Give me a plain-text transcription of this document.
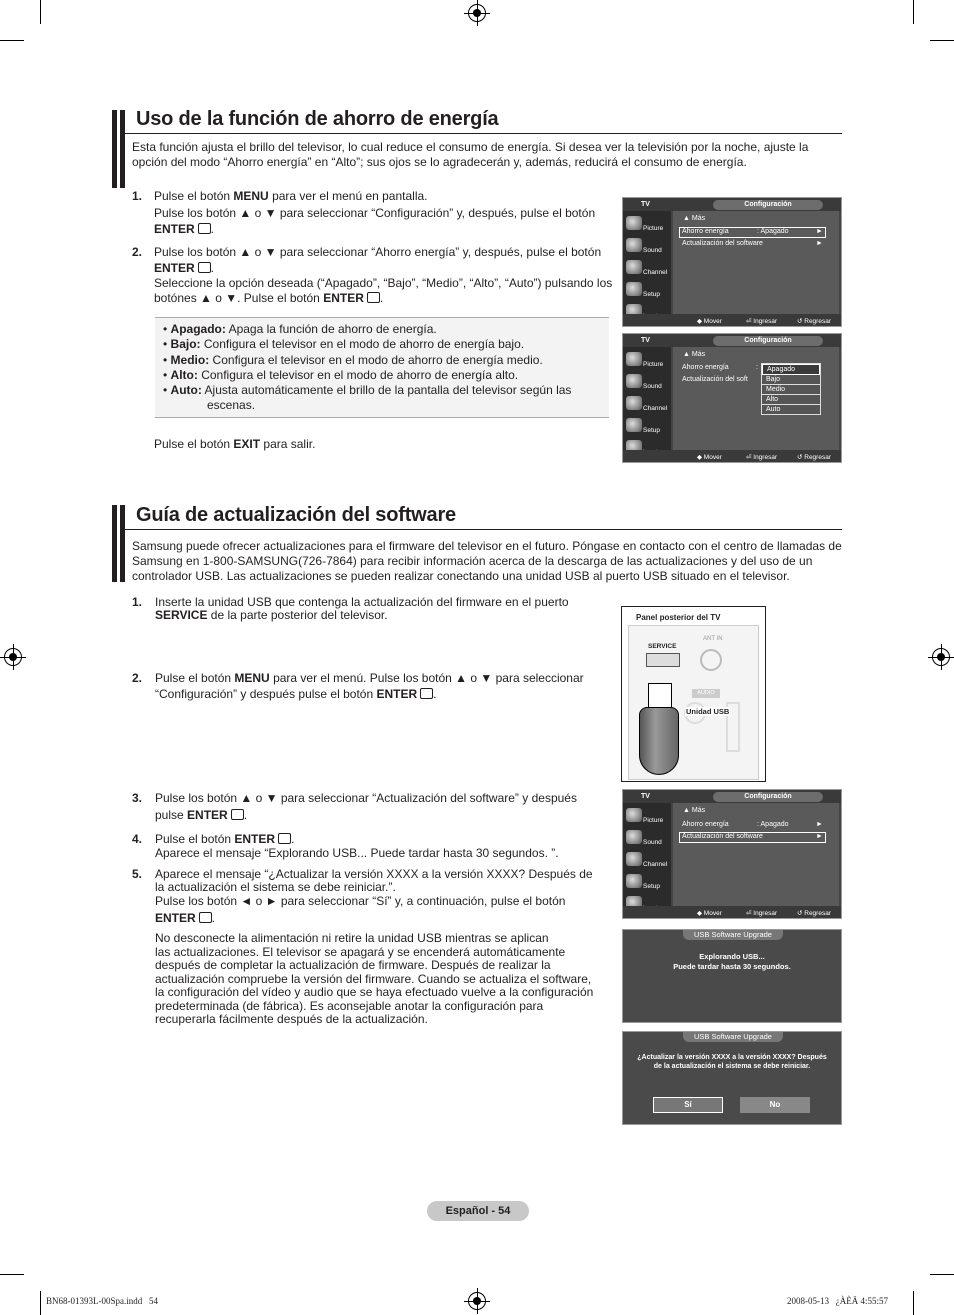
Uso de la función de ahorro de energía
Esta función ajusta el brillo del televisor, lo cual reduce el consumo de energía. Si desea ver la televisión por la noche, ajuste la opción del modo “Ahorro energía” en “Alto”; sus ojos se lo agradecerán y, además, reducirá el consumo de energía.
1. Pulse el botón MENU para ver el menú en pantalla.
Pulse los botón ▲ o ▼ para seleccionar “Configuración” y, después, pulse el botón
ENTER .
2. Pulse los botón ▲ o ▼ para seleccionar “Ahorro energía” y, después, pulse el botón
ENTER .
Seleccione la opción deseada (“Apagado”, “Bajo”, “Medio”, “Alto”, “Auto”) pulsando los
botónes ▲ o ▼. Pulse el botón ENTER .
• Apagado: Apaga la función de ahorro de energía.
• Bajo: Configura el televisor en el modo de ahorro de energía bajo.
• Medio: Configura el televisor en el modo de ahorro de energía medio.
• Alto: Configura el televisor en el modo de ahorro de energía alto.
• Auto: Ajusta automáticamente el brillo de la pantalla del televisor según las
escenas.
Pulse el botón EXIT para salir.
TV	Configuración
Picture
Sound
Channel
Setup
▲ Más
Ahorro energía	: Apagado	►
Actualización del software	►
◆ Mover	⏎ Ingresar	↺ Regresar
TV	Configuración
Picture
Sound
Channel
Setup
▲ Más
Ahorro energía	:
Actualización del soft
Apagado
Bajo
Medio
Alto
Auto
◆ Mover	⏎ Ingresar	↺ Regresar
Guía de actualización del software
Samsung puede ofrecer actualizaciones para el firmware del televisor en el futuro. Póngase en contacto con el centro de llamadas de Samsung en 1-800-SAMSUNG(726-7864) para recibir información acerca de la descarga de las actualizaciones y del uso de un controlador USB. Las actualizaciones se pueden realizar conectando una unidad USB al puerto USB situado en el televisor.
1. Inserte la unidad USB que contenga la actualización del firmware en el puerto
SERVICE de la parte posterior del televisor.
2. Pulse el botón MENU para ver el menú. Pulse los botón ▲ o ▼ para seleccionar
“Configuración” y después pulse el botón ENTER .
3. Pulse los botón ▲ o ▼ para seleccionar “Actualización del software” y después
pulse ENTER .
4. Pulse el botón ENTER .
Aparece el mensaje “Explorando USB... Puede tardar hasta 30 segundos. ”.
5. Aparece el mensaje “¿Actualizar la versión XXXX a la versión XXXX? Después de
la actualización el sistema se debe reiniciar.”.
Pulse los botón ◄ o ► para seleccionar “Sí” y, a continuación, pulse el botón
ENTER .
No desconecte la alimentación ni retire la unidad USB mientras se aplican
las actualizaciones. El televisor se apagará y se encenderá automáticamente
después de completar la actualización de firmware. Después de realizar la
actualización compruebe la versión del firmware. Cuando se actualiza el software,
la configuración del vídeo y audio que se haya efectuado vuelve a la configuración
predeterminada (de fábrica). Es aconsejable anotar la configuración para
recuperarla fácilmente después de la actualización.
Panel posterior del TV
SERVICE
ANT IN
AUDIO
Unidad USB
TV	Configuración
Picture
Sound
Channel
Setup
▲ Más
Ahorro energía	: Apagado	►
Actualización del software	►
◆ Mover	⏎ Ingresar	↺ Regresar
USB Software Upgrade
Explorando USB...
Puede tardar hasta 30 segundos.
USB Software Upgrade
¿Actualizar la versión XXXX a la versión XXXX? Después
de la actualización el sistema se debe reiniciar.
Sí	No
Español - 54
BN68-01393L-00Spa.indd   54	2008-05-13   ¿ÀÈÄ 4:55:57
